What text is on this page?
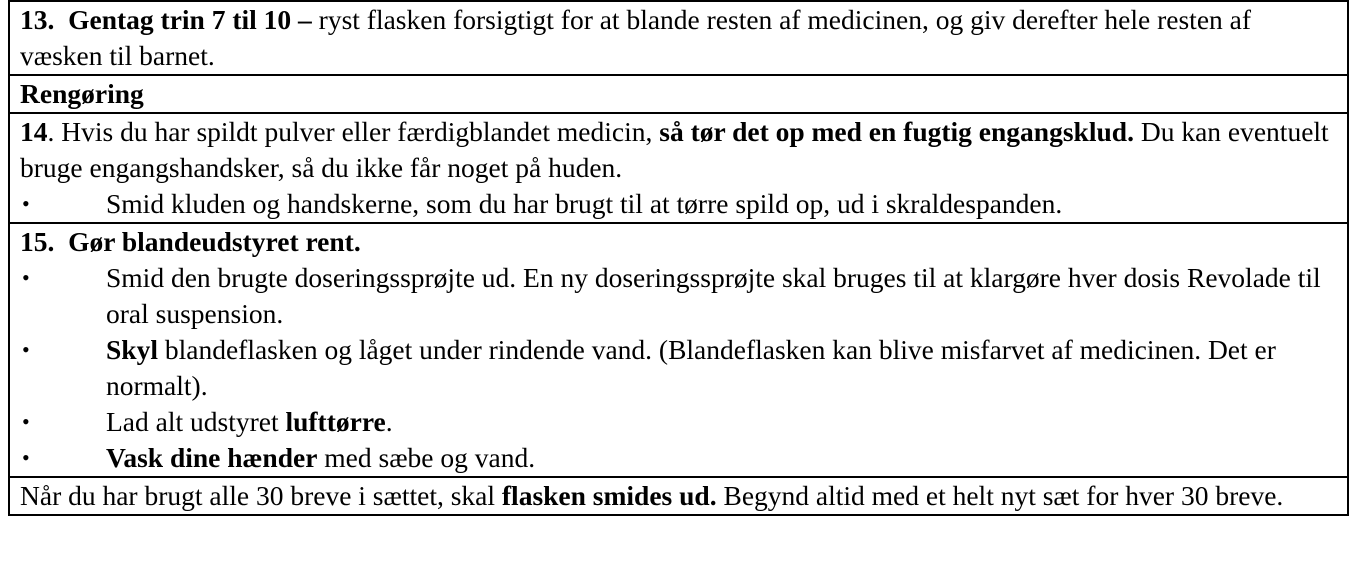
13. Gentag trin 7 til 10 – ryst flasken forsigtigt for at blande resten af medicinen, og giv derefter hele resten af væsken til barnet.

Rengøring

14. Hvis du har spildt pulver eller færdigblandet medicin, så tør det op med en fugtig engangsklud. Du kan eventuelt bruge engangshandsker, så du ikke får noget på huden.

•	Smid kluden og handskerne, som du har brugt til at tørre spild op, ud i skraldespanden.

15. Gør blandeudstyret rent.

•	Smid den brugte doseringssprøjte ud. En ny doseringssprøjte skal bruges til at klargøre hver dosis Revolade til oral suspension.
•	Skyl blandeflasken og låget under rindende vand. (Blandeflasken kan blive misfarvet af medicinen. Det er normalt).
•	Lad alt udstyret lufttørre.
•	Vask dine hænder med sæbe og vand.

Når du har brugt alle 30 breve i sættet, skal flasken smides ud. Begynd altid med et helt nyt sæt for hver 30 breve.
